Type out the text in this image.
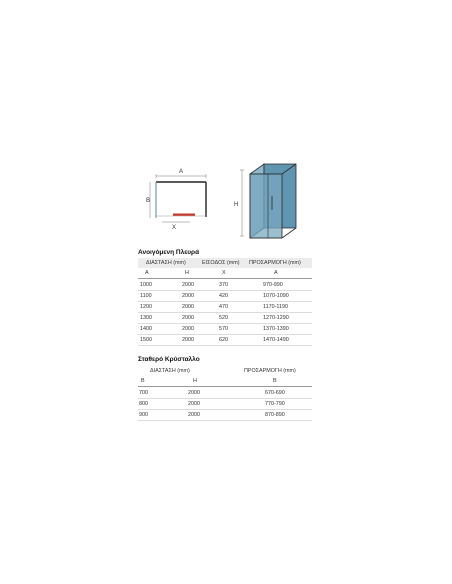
A
B
X
H
Ανοιγόμενη Πλευρά
ΔΙΑΣΤΑΣΗ (mm)	ΕΙΣΟΔΟΣ (mm) ΠΡΟΣΑΡΜΟΓΗ (mm)
A	H	X	A
1000	2000	370	970-990
1100	2000	420	1070-1090
1200	2000	470	1170-1190
1300	2000	520	1270-1290
1400	2000	570	1370-1390
1500	2000	620	1470-1490
Σταθερό Κρύσταλλο
ΔΙΑΣΤΑΣΗ (mm)	ΠΡΟΣΑΡΜΟΓΗ (mm)
B	H	B
700	2000	670-690
800	2000	770-790
900	2000	870-890
